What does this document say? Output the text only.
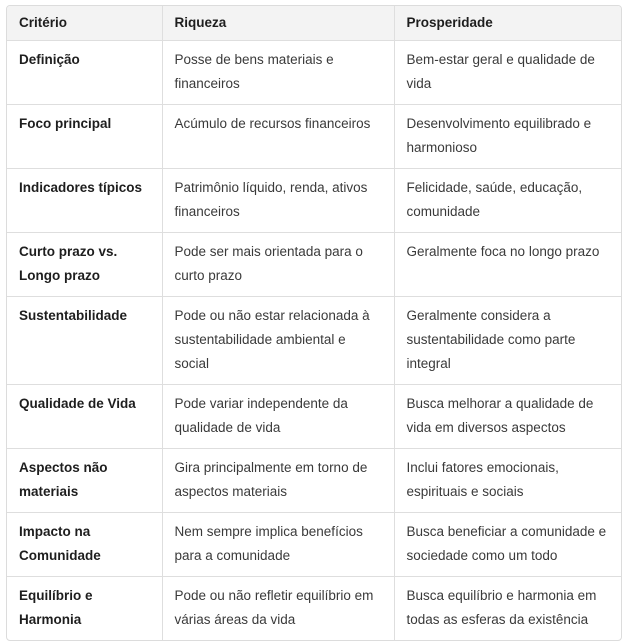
Critério	Riqueza	Prosperidade
Definição	Posse de bens materiais e financeiros	Bem-estar geral e qualidade de vida
Foco principal	Acúmulo de recursos financeiros	Desenvolvimento equilibrado e harmonioso
Indicadores típicos	Patrimônio líquido, renda, ativos financeiros	Felicidade, saúde, educação, comunidade
Curto prazo vs. Longo prazo	Pode ser mais orientada para o curto prazo	Geralmente foca no longo prazo
Sustentabilidade	Pode ou não estar relacionada à sustentabilidade ambiental e social	Geralmente considera a sustentabilidade como parte integral
Qualidade de Vida	Pode variar independente da qualidade de vida	Busca melhorar a qualidade de vida em diversos aspectos
Aspectos não materiais	Gira principalmente em torno de aspectos materiais	Inclui fatores emocionais, espirituais e sociais
Impacto na Comunidade	Nem sempre implica benefícios para a comunidade	Busca beneficiar a comunidade e sociedade como um todo
Equilíbrio e Harmonia	Pode ou não refletir equilíbrio em várias áreas da vida	Busca equilíbrio e harmonia em todas as esferas da existência
